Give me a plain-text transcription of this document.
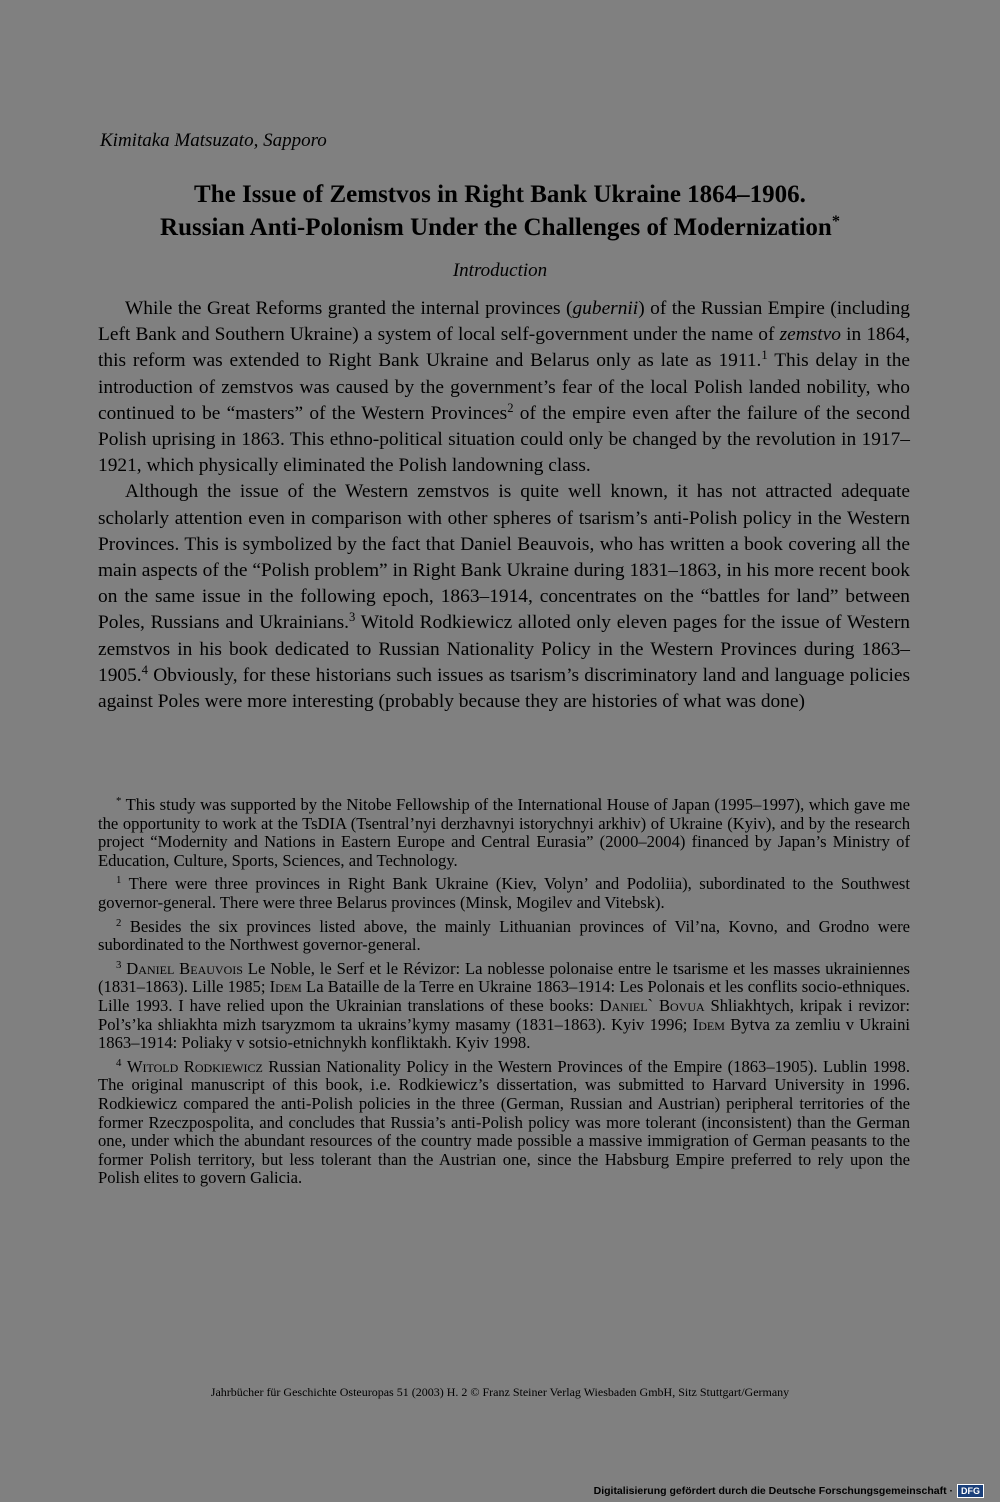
Kimitaka Matsuzato, Sapporo
The Issue of Zemstvos in Right Bank Ukraine 1864–1906.
Russian Anti-Polonism Under the Challenges of Modernization*
Introduction

While the Great Reforms granted the internal provinces (gubernii) of the Russian Empire (including Left Bank and Southern Ukraine) a system of local self-government under the name of zemstvo in 1864, this reform was extended to Right Bank Ukraine and Belarus only as late as 1911.$^1$ This delay in the introduction of zemstvos was caused by the government’s fear of the local Polish landed nobility, who continued to be “masters” of the Western Provinces$^2$ of the empire even after the failure of the second Polish uprising in 1863. This ethno-political situation could only be changed by the revolution in 1917–1921, which physically eliminated the Polish landowning class.

Although the issue of the Western zemstvos is quite well known, it has not attracted adequate scholarly attention even in comparison with other spheres of tsarism’s anti-Polish policy in the Western Provinces. This is symbolized by the fact that Daniel Beauvois, who has written a book covering all the main aspects of the “Polish problem” in Right Bank Ukraine during 1831–1863, in his more recent book on the same issue in the following epoch, 1863–1914, concentrates on the “battles for land” between Poles, Russians and Ukrainians.$^3$ Witold Rodkiewicz alloted only eleven pages for the issue of Western zemstvos in his book dedicated to Russian Nationality Policy in the Western Provinces during 1863–1905.$^4$ Obviously, for these historians such issues as tsarism’s discriminatory land and language policies against Poles were more interesting (probably because they are histories of what was done)

* This study was supported by the Nitobe Fellowship of the International House of Japan (1995–1997), which gave me the opportunity to work at the TsDIA (Tsentral’nyi derzhavnyi istorychnyi arkhiv) of Ukraine (Kyiv), and by the research project “Modernity and Nations in Eastern Europe and Central Eurasia” (2000–2004) financed by Japan’s Ministry of Education, Culture, Sports, Sciences, and Technology.

$^1$ There were three provinces in Right Bank Ukraine (Kiev, Volyn’ and Podoliia), subordinated to the Southwest governor-general. There were three Belarus provinces (Minsk, Mogilev and Vitebsk).

$^2$ Besides the six provinces listed above, the mainly Lithuanian provinces of Vil’na, Kovno, and Grodno were subordinated to the Northwest governor-general.

$^3$ Daniel Beauvois Le Noble, le Serf et le Révizor: La noblesse polonaise entre le tsarisme et les masses ukrainiennes (1831–1863). Lille 1985; Idem La Bataille de la Terre en Ukraine 1863–1914: Les Polonais et les conflits socio-ethniques. Lille 1993. I have relied upon the Ukrainian translations of these books: Daniel` Bovua Shliakhtych, kripak i revizor: Pol’s’ka shliakhta mizh tsaryzmom ta ukrains’kymy masamy (1831–1863). Kyiv 1996; Idem Bytva za zemliu v Ukraini 1863–1914: Poliaky v sotsio-etnichnykh konfliktakh. Kyiv 1998.

$^4$ Witold Rodkiewicz Russian Nationality Policy in the Western Provinces of the Empire (1863–1905). Lublin 1998. The original manuscript of this book, i.e. Rodkiewicz’s dissertation, was submitted to Harvard University in 1996. Rodkiewicz compared the anti-Polish policies in the three (German, Russian and Austrian) peripheral territories of the former Rzeczpospolita, and concludes that Russia’s anti-Polish policy was more tolerant (inconsistent) than the German one, under which the abundant resources of the country made possible a massive immigration of German peasants to the former Polish territory, but less tolerant than the Austrian one, since the Habsburg Empire preferred to rely upon the Polish elites to govern Galicia.

Jahrbücher für Geschichte Osteuropas 51 (2003) H. 2 © Franz Steiner Verlag Wiesbaden GmbH, Sitz Stuttgart/Germany
Digitalisierung gefördert durch die Deutsche Forschungsgemeinschaft · DFG
